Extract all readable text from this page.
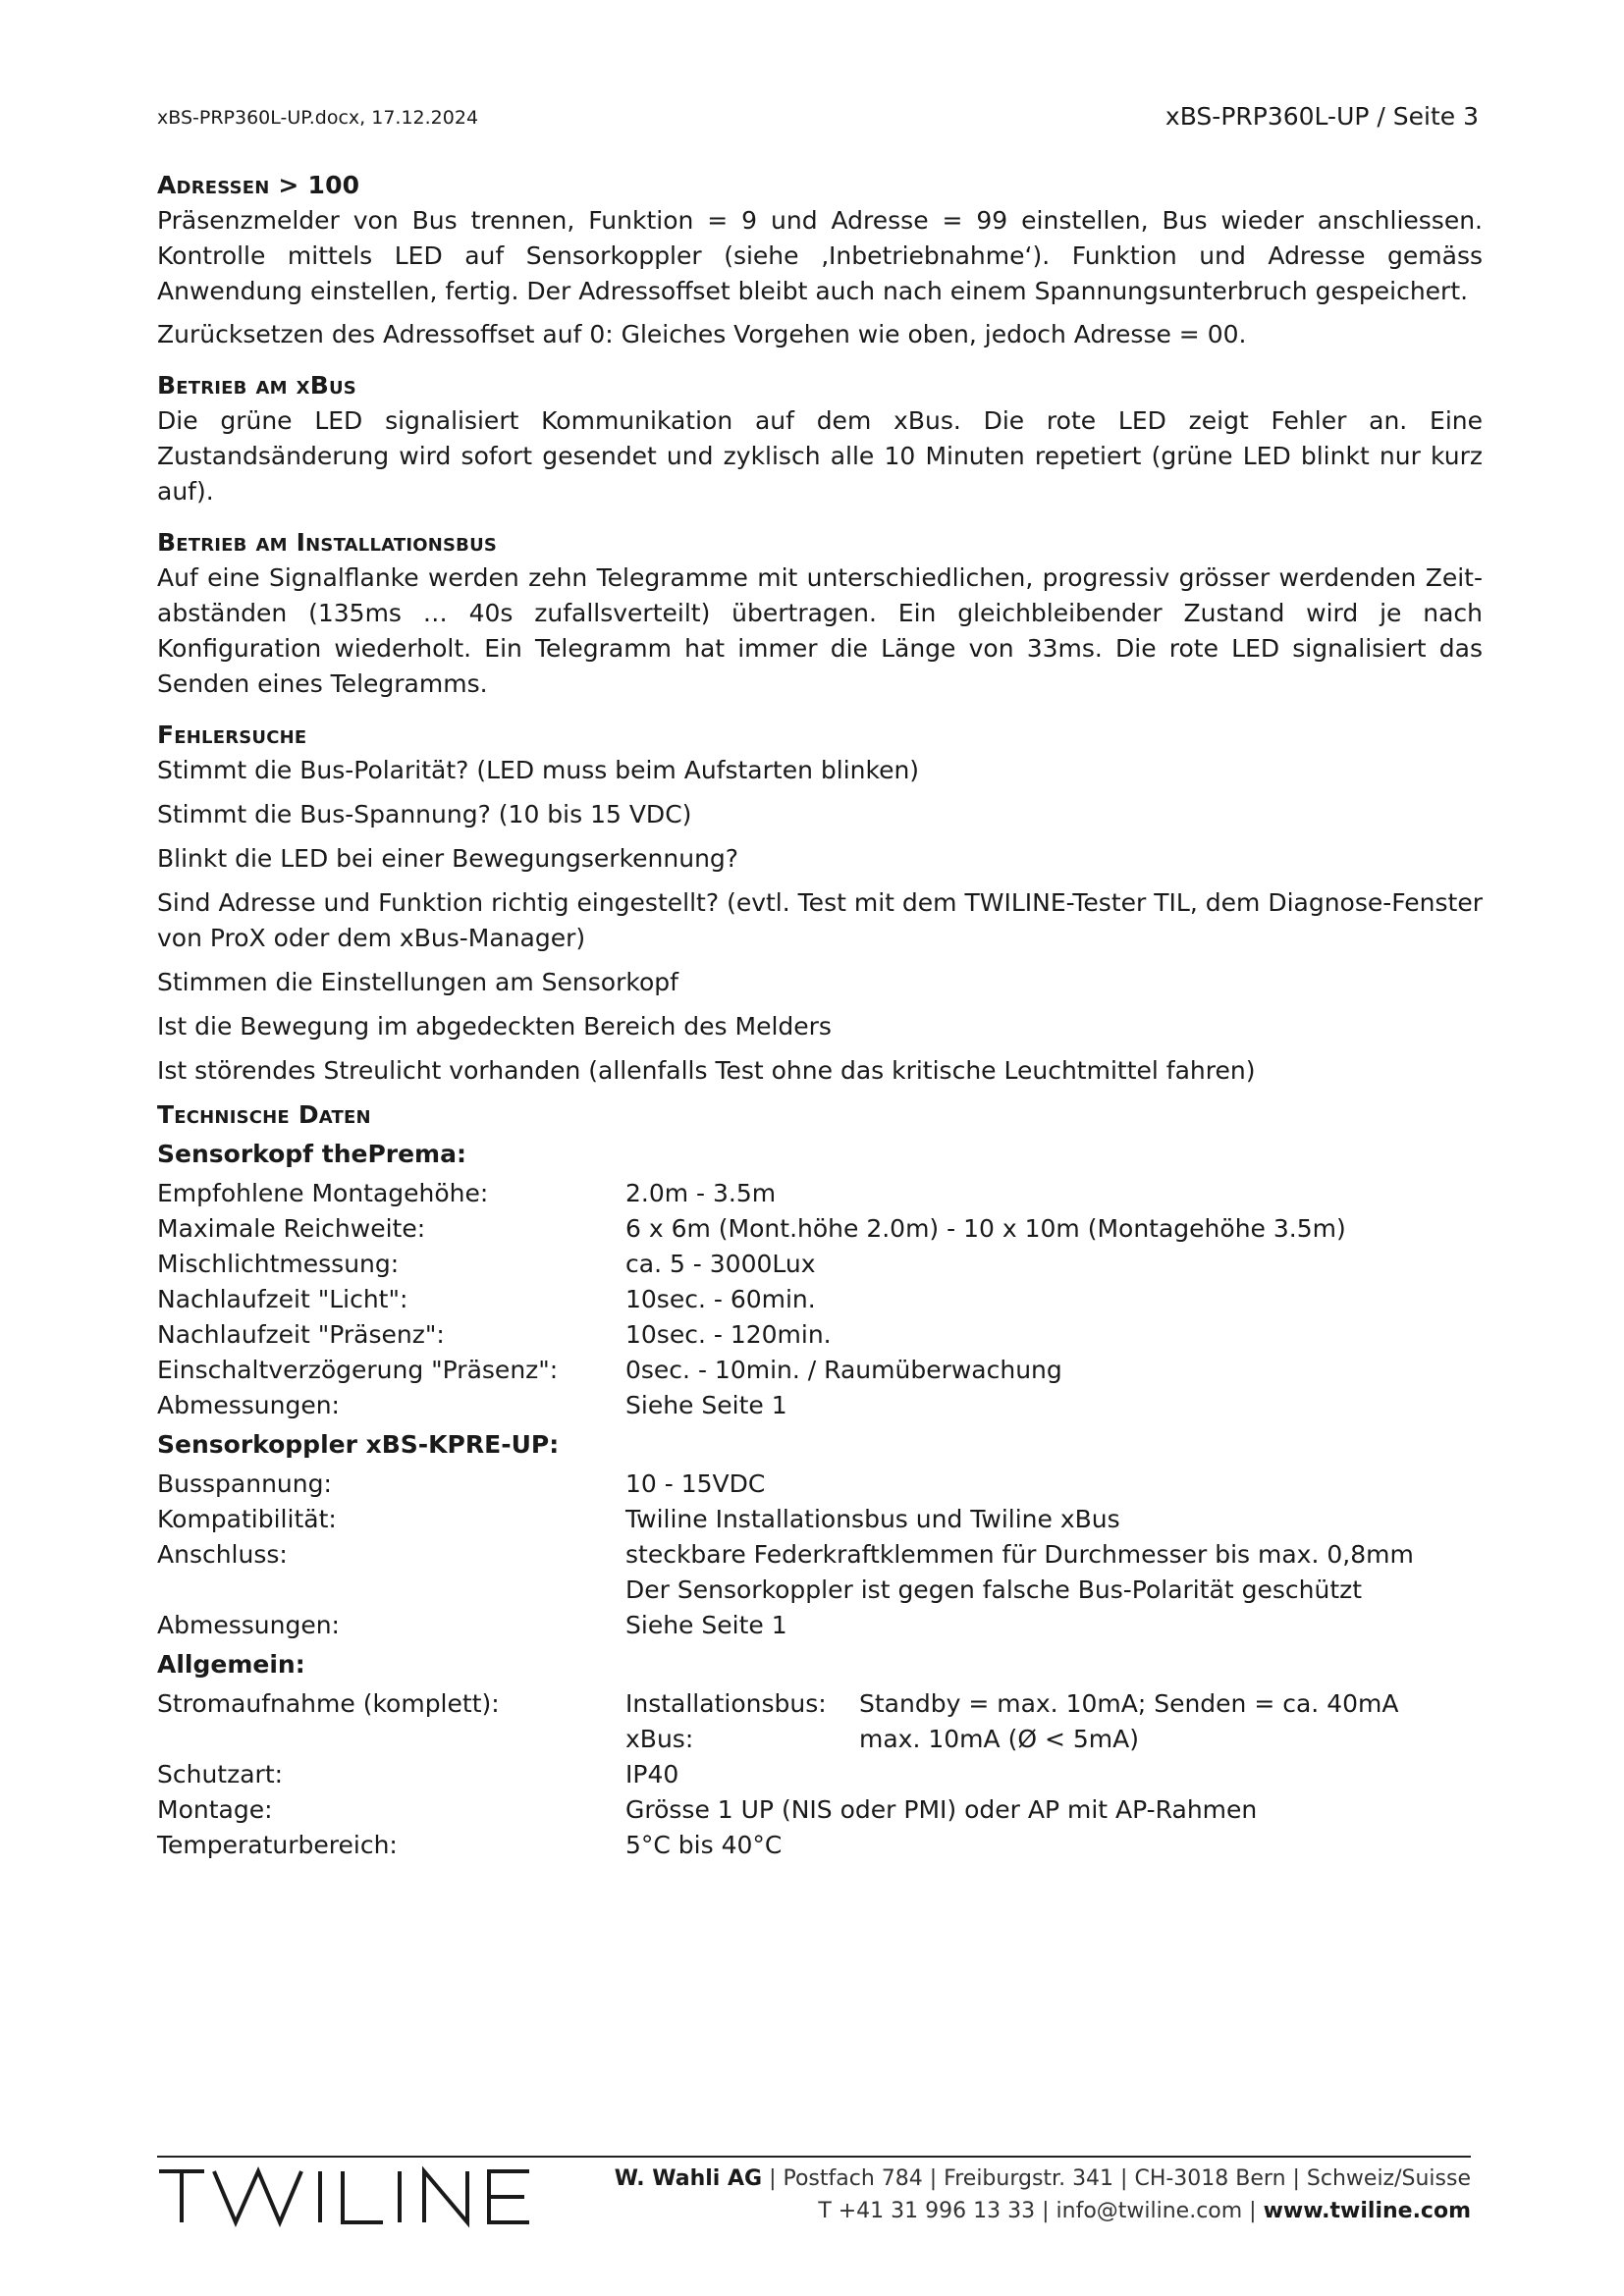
xBS-PRP360L-UP.docx, 17.12.2024	xBS-PRP360L-UP / Seite 3
Adressen > 100

Präsenzmelder von Bus trennen, Funktion = 9 und Adresse = 99 einstellen, Bus wieder anschliessen. Kontrolle mittels LED auf Sensorkoppler (siehe ‚Inbetriebnahme‘). Funktion und Adresse gemäss Anwendung einstellen, fertig. Der Adressoffset bleibt auch nach einem Spannungsunterbruch gespeichert.

Zurücksetzen des Adressoffset auf 0: Gleiches Vorgehen wie oben, jedoch Adresse = 00.

Betrieb am xBus

Die grüne LED signalisiert Kommunikation auf dem xBus. Die rote LED zeigt Fehler an. Eine Zustandsänderung wird sofort gesendet und zyklisch alle 10 Minuten repetiert (grüne LED blinkt nur kurz auf).

Betrieb am Installationsbus

Auf eine Signalflanke werden zehn Telegramme mit unterschiedlichen, progressiv grösser werdenden Zeit-abständen (135ms … 40s zufallsverteilt) übertragen. Ein gleichbleibender Zustand wird je nach Konfiguration wiederholt. Ein Telegramm hat immer die Länge von 33ms. Die rote LED signalisiert das Senden eines Telegramms.

Fehlersuche
Stimmt die Bus-Polarität? (LED muss beim Aufstarten blinken)
Stimmt die Bus-Spannung? (10 bis 15 VDC)
Blinkt die LED bei einer Bewegungserkennung?
Sind Adresse und Funktion richtig eingestellt? (evtl. Test mit dem TWILINE-Tester TIL, dem Diagnose-Fenster von ProX oder dem xBus-Manager)
Stimmen die Einstellungen am Sensorkopf
Ist die Bewegung im abgedeckten Bereich des Melders
Ist störendes Streulicht vorhanden (allenfalls Test ohne das kritische Leuchtmittel fahren)
Technische Daten
Sensorkopf thePrema:
Empfohlene Montagehöhe:	2.0m - 3.5m
Maximale Reichweite:	6 x 6m (Mont.höhe 2.0m) - 10 x 10m (Montagehöhe 3.5m)
Mischlichtmessung:	ca. 5 - 3000Lux
Nachlaufzeit "Licht":	10sec. - 60min.
Nachlaufzeit "Präsenz":	10sec. - 120min.
Einschaltverzögerung "Präsenz":	0sec. - 10min. / Raumüberwachung
Abmessungen:	Siehe Seite 1
Sensorkoppler xBS-KPRE-UP:
Busspannung:	10 - 15VDC
Kompatibilität:	Twiline Installationsbus und Twiline xBus
Anschluss:	steckbare Federkraftklemmen für Durchmesser bis max. 0,8mm
Der Sensorkoppler ist gegen falsche Bus-Polarität geschützt
Abmessungen:	Siehe Seite 1
Allgemein:
Stromaufnahme (komplett):	Installationsbus:	Standby = max. 10mA; Senden = ca. 40mA
xBus:	max. 10mA (Ø < 5mA)
Schutzart:	IP40
Montage:	Grösse 1 UP (NIS oder PMI) oder AP mit AP-Rahmen
Temperaturbereich:	5°C bis 40°C
TWILINE
W. Wahli AG | Postfach 784 | Freiburgstr. 341 | CH-3018 Bern | Schweiz/Suisse
T +41 31 996 13 33 | info@twiline.com | www.twiline.com
